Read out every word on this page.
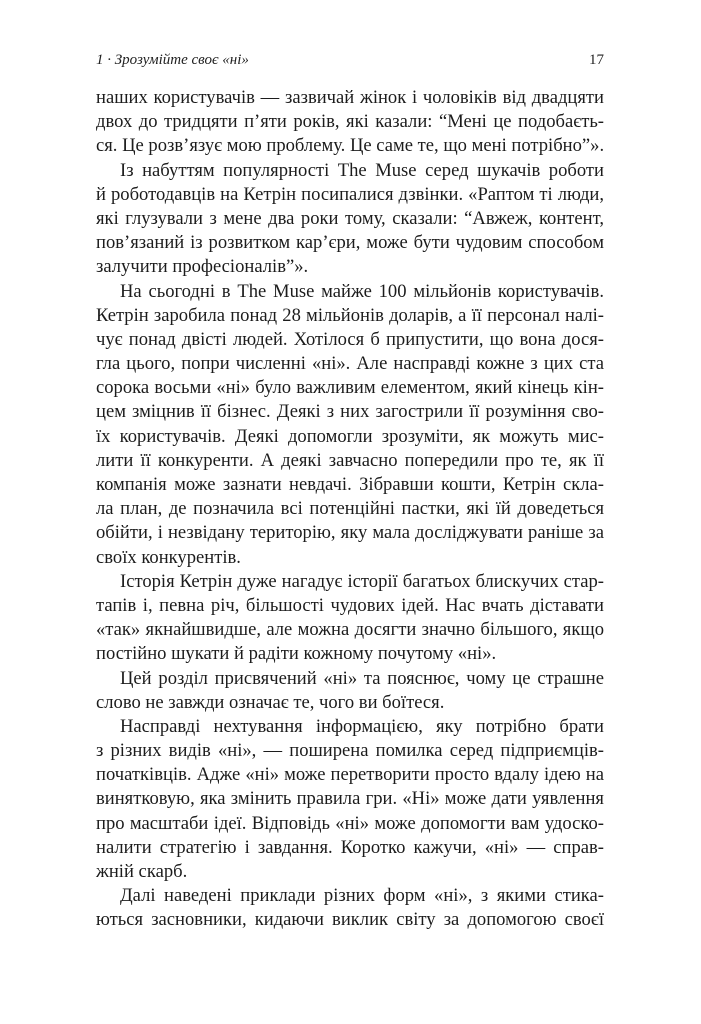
1 · Зрозумійте своє «ні»	17
наших користувачів — зазвичай жінок і чоловіків від двадцяти
двох до тридцяти п’яти років, які казали: “Мені це подобаєть-
ся. Це розв’язує мою проблему. Це саме те, що мені потрібно”».
Із набуттям популярності The Muse серед шукачів роботи
й роботодавців на Кетрін посипалися дзвінки. «Раптом ті люди,
які глузували з мене два роки тому, сказали: “Авжеж, контент,
пов’язаний із розвитком кар’єри, може бути чудовим способом
залучити професіоналів”».
На сьогодні в The Muse майже 100 мільйонів користувачів.
Кетрін заробила понад 28 мільйонів доларів, а її персонал налі-
чує понад двісті людей. Хотілося б припустити, що вона дося-
гла цього, попри численні «ні». Але насправді кожне з цих ста
сорока восьми «ні» було важливим елементом, який кінець кін-
цем зміцнив її бізнес. Деякі з них загострили її розуміння сво-
їх користувачів. Деякі допомогли зрозуміти, як можуть мис-
лити її конкуренти. А деякі завчасно попередили про те, як її
компанія може зазнати невдачі. Зібравши кошти, Кетрін скла-
ла план, де позначила всі потенційні пастки, які їй доведеться
обійти, і незвідану територію, яку мала досліджувати раніше за
своїх конкурентів.
Історія Кетрін дуже нагадує історії багатьох блискучих стар-
тапів і, певна річ, більшості чудових ідей. Нас вчать діставати
«так» якнайшвидше, але можна досягти значно більшого, якщо
постійно шукати й радіти кожному почутому «ні».
Цей розділ присвячений «ні» та пояснює, чому це страшне
слово не завжди означає те, чого ви боїтеся.
Насправді нехтування інформацією, яку потрібно брати
з різних видів «ні», — поширена помилка серед підприємців-
початківців. Адже «ні» може перетворити просто вдалу ідею на
винятковую, яка змінить правила гри. «Ні» може дати уявлення
про масштаби ідеї. Відповідь «ні» може допомогти вам удоско-
налити стратегію і завдання. Коротко кажучи, «ні» — справ-
жній скарб.
Далі наведені приклади різних форм «ні», з якими стика-
ються засновники, кидаючи виклик світу за допомогою своєї
